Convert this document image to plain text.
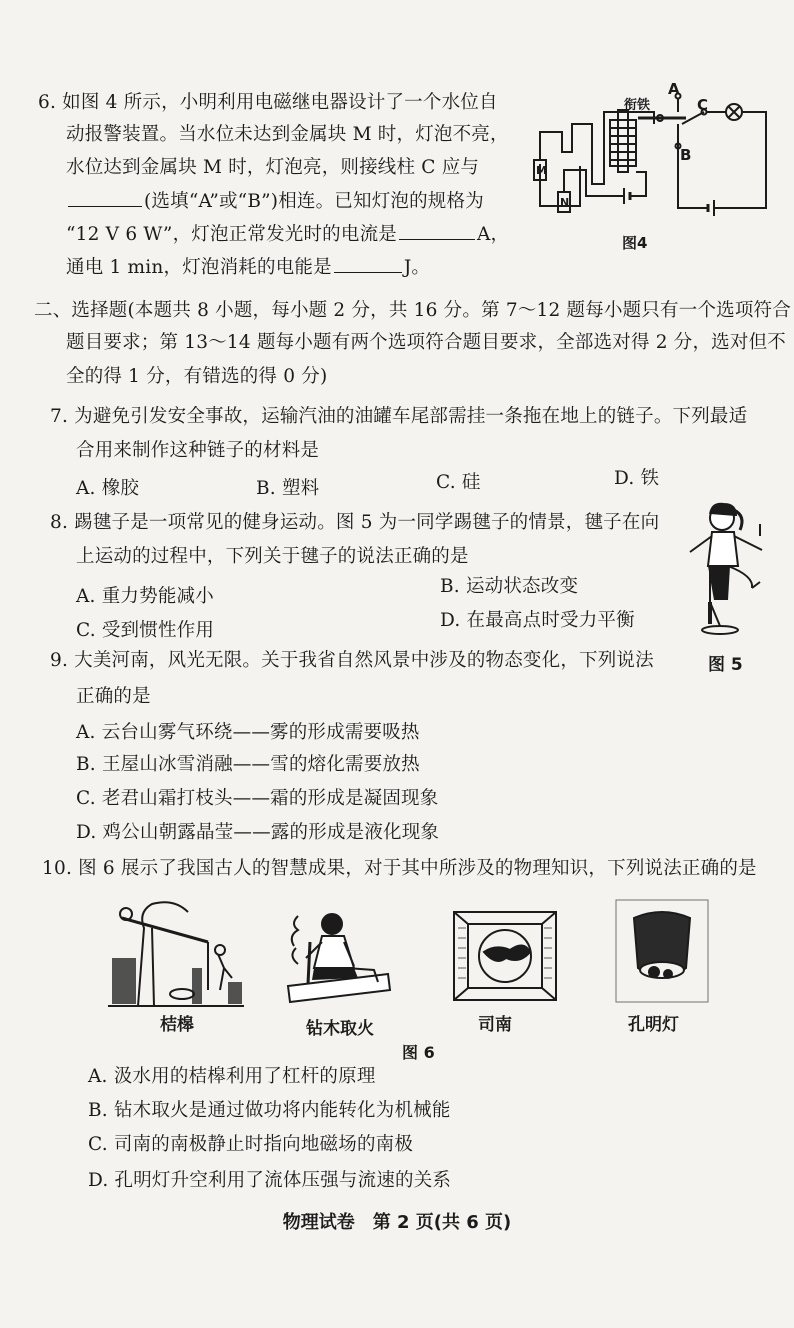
6. 如图 4 所示，小明利用电磁继电器设计了一个水位自
动报警装置。当水位未达到金属块 M 时，灯泡不亮，
水位达到金属块 M 时，灯泡亮，则接线柱 C 应与
(选填“A”或“B”)相连。已知灯泡的规格为
“12 V 6 W”，灯泡正常发光时的电流是	A，
通电 1 min，灯泡消耗的电能是	J。
衔铁
A
B
C
M
N
图4
二、选择题(本题共 8 小题，每小题 2 分，共 16 分。第 7～12 题每小题只有一个选项符合
题目要求；第 13～14 题每小题有两个选项符合题目要求，全部选对得 2 分，选对但不
全的得 1 分，有错选的得 0 分)
7. 为避免引发安全事故，运输汽油的油罐车尾部需挂一条拖在地上的链子。下列最适
合用来制作这种链子的材料是
A. 橡胶	B. 塑料	C. 硅	D. 铁
8. 踢毽子是一项常见的健身运动。图 5 为一同学踢毽子的情景，毽子在向
上运动的过程中，下列关于毽子的说法正确的是
A. 重力势能减小	B. 运动状态改变
C. 受到惯性作用	D. 在最高点时受力平衡
图 5
9. 大美河南，风光无限。关于我省自然风景中涉及的物态变化，下列说法
正确的是
A. 云台山雾气环绕——雾的形成需要吸热
B. 王屋山冰雪消融——雪的熔化需要放热
C. 老君山霜打枝头——霜的形成是凝固现象
D. 鸡公山朝露晶莹——露的形成是液化现象
10. 图 6 展示了我国古人的智慧成果，对于其中所涉及的物理知识，下列说法正确的是
桔槔	钻木取火	司南	孔明灯
图 6
A. 汲水用的桔槔利用了杠杆的原理
B. 钻木取火是通过做功将内能转化为机械能
C. 司南的南极静止时指向地磁场的南极
D. 孔明灯升空利用了流体压强与流速的关系
物理试卷　第 2 页(共 6 页)
